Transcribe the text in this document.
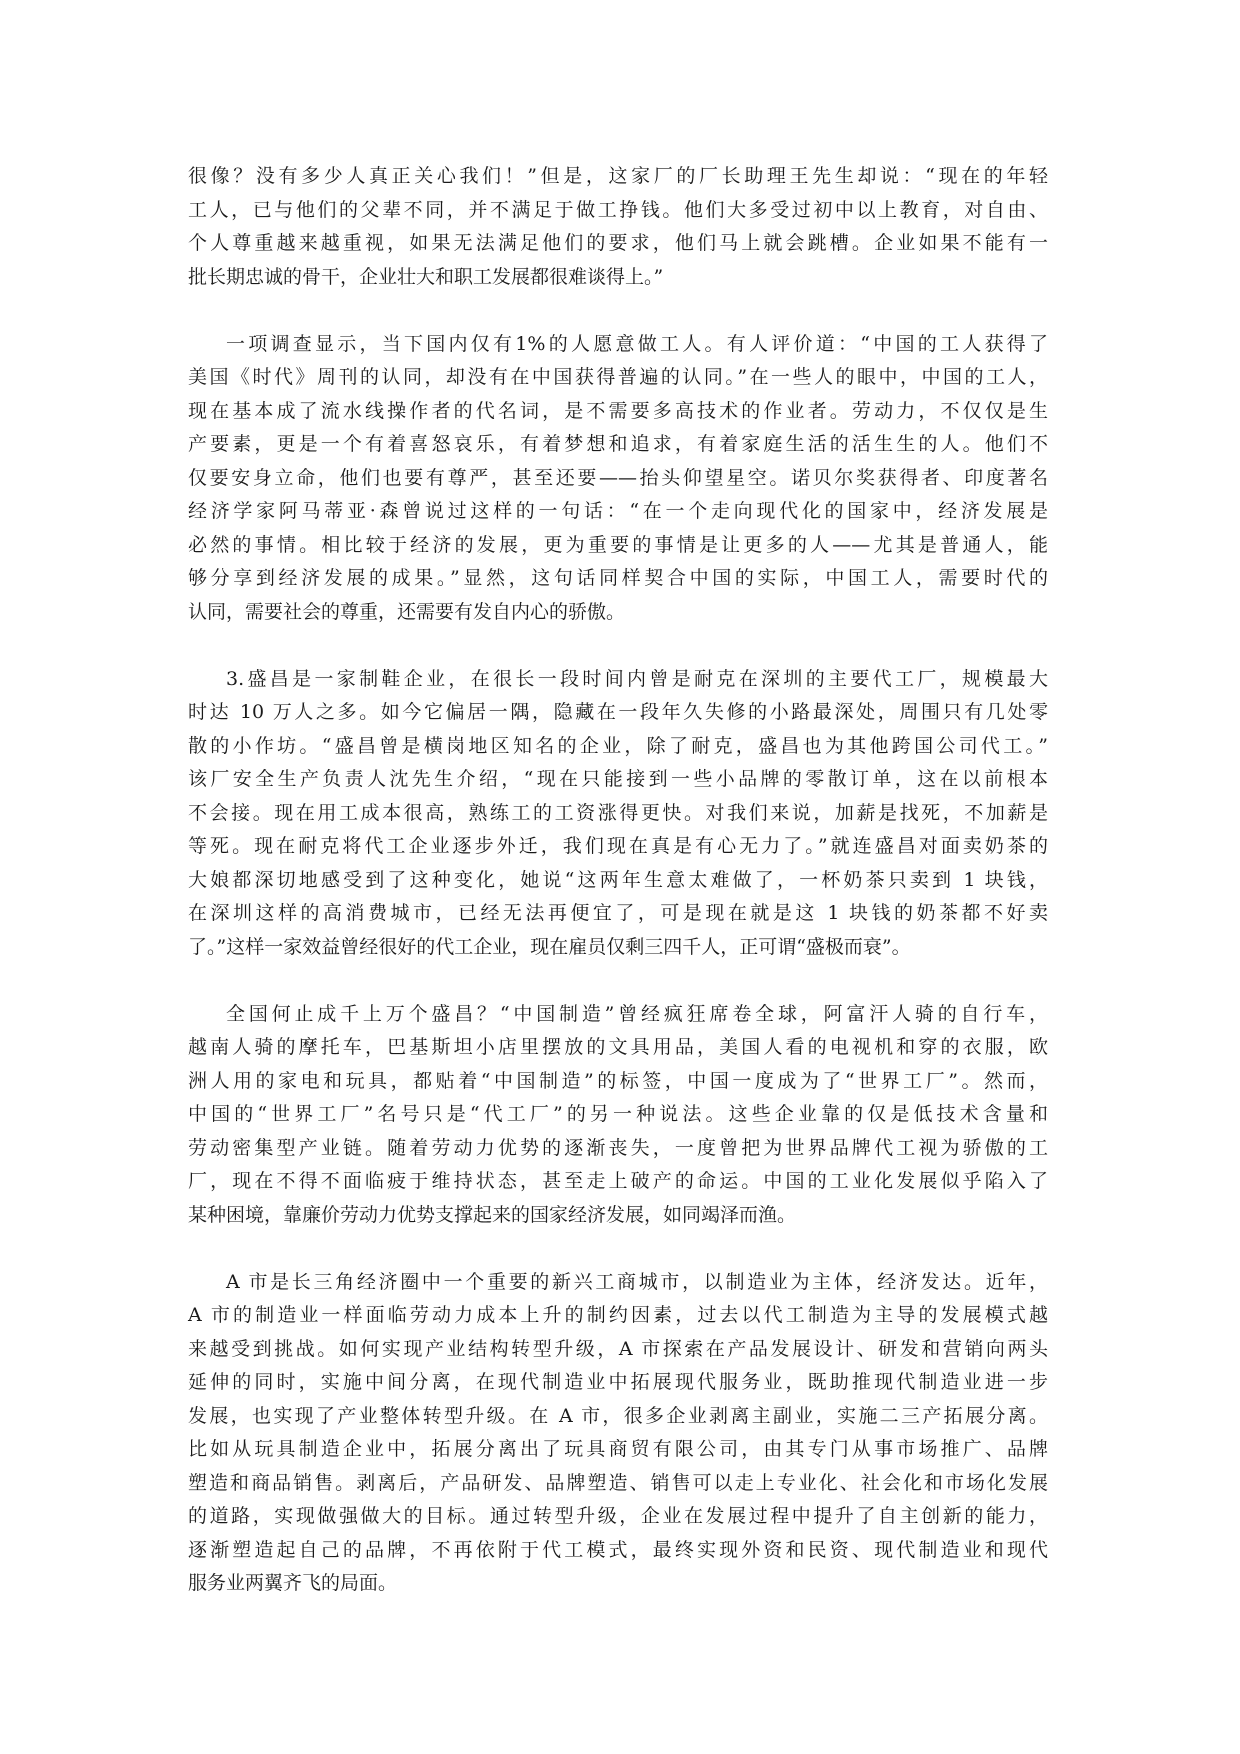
很像？没有多少人真正关心我们！”但是，这家厂的厂长助理王先生却说：“现在的年轻
工人，已与他们的父辈不同，并不满足于做工挣钱。他们大多受过初中以上教育，对自由、
个人尊重越来越重视，如果无法满足他们的要求，他们马上就会跳槽。企业如果不能有一
批长期忠诚的骨干，企业壮大和职工发展都很难谈得上。”
一项调查显示，当下国内仅有1%的人愿意做工人。有人评价道：“中国的工人获得了
美国《时代》周刊的认同，却没有在中国获得普遍的认同。”在一些人的眼中，中国的工人，
现在基本成了流水线操作者的代名词，是不需要多高技术的作业者。劳动力，不仅仅是生
产要素，更是一个有着喜怒哀乐，有着梦想和追求，有着家庭生活的活生生的人。他们不
仅要安身立命，他们也要有尊严，甚至还要——抬头仰望星空。诺贝尔奖获得者、印度著名
经济学家阿马蒂亚·森曾说过这样的一句话：“在一个走向现代化的国家中，经济发展是
必然的事情。相比较于经济的发展，更为重要的事情是让更多的人——尤其是普通人，能
够分享到经济发展的成果。”显然，这句话同样契合中国的实际，中国工人，需要时代的
认同，需要社会的尊重，还需要有发自内心的骄傲。
3.盛昌是一家制鞋企业，在很长一段时间内曾是耐克在深圳的主要代工厂，规模最大
时达 10 万人之多。如今它偏居一隅，隐藏在一段年久失修的小路最深处，周围只有几处零
散的小作坊。“盛昌曾是横岗地区知名的企业，除了耐克，盛昌也为其他跨国公司代工。”
该厂安全生产负责人沈先生介绍，“现在只能接到一些小品牌的零散订单，这在以前根本
不会接。现在用工成本很高，熟练工的工资涨得更快。对我们来说，加薪是找死，不加薪是
等死。现在耐克将代工企业逐步外迁，我们现在真是有心无力了。”就连盛昌对面卖奶茶的
大娘都深切地感受到了这种变化，她说“这两年生意太难做了，一杯奶茶只卖到 1 块钱，
在深圳这样的高消费城市，已经无法再便宜了，可是现在就是这 1 块钱的奶茶都不好卖
了。”这样一家效益曾经很好的代工企业，现在雇员仅剩三四千人，正可谓“盛极而衰”。
全国何止成千上万个盛昌？“中国制造”曾经疯狂席卷全球，阿富汗人骑的自行车，
越南人骑的摩托车，巴基斯坦小店里摆放的文具用品，美国人看的电视机和穿的衣服，欧
洲人用的家电和玩具，都贴着“中国制造”的标签，中国一度成为了“世界工厂”。然而，
中国的“世界工厂”名号只是“代工厂”的另一种说法。这些企业靠的仅是低技术含量和
劳动密集型产业链。随着劳动力优势的逐渐丧失，一度曾把为世界品牌代工视为骄傲的工
厂，现在不得不面临疲于维持状态，甚至走上破产的命运。中国的工业化发展似乎陷入了
某种困境，靠廉价劳动力优势支撑起来的国家经济发展，如同竭泽而渔。
A 市是长三角经济圈中一个重要的新兴工商城市，以制造业为主体，经济发达。近年，
A 市的制造业一样面临劳动力成本上升的制约因素，过去以代工制造为主导的发展模式越
来越受到挑战。如何实现产业结构转型升级，A 市探索在产品发展设计、研发和营销向两头
延伸的同时，实施中间分离，在现代制造业中拓展现代服务业，既助推现代制造业进一步
发展，也实现了产业整体转型升级。在 A 市，很多企业剥离主副业，实施二三产拓展分离。
比如从玩具制造企业中，拓展分离出了玩具商贸有限公司，由其专门从事市场推广、品牌
塑造和商品销售。剥离后，产品研发、品牌塑造、销售可以走上专业化、社会化和市场化发展
的道路，实现做强做大的目标。通过转型升级，企业在发展过程中提升了自主创新的能力，
逐渐塑造起自己的品牌，不再依附于代工模式，最终实现外资和民资、现代制造业和现代
服务业两翼齐飞的局面。
